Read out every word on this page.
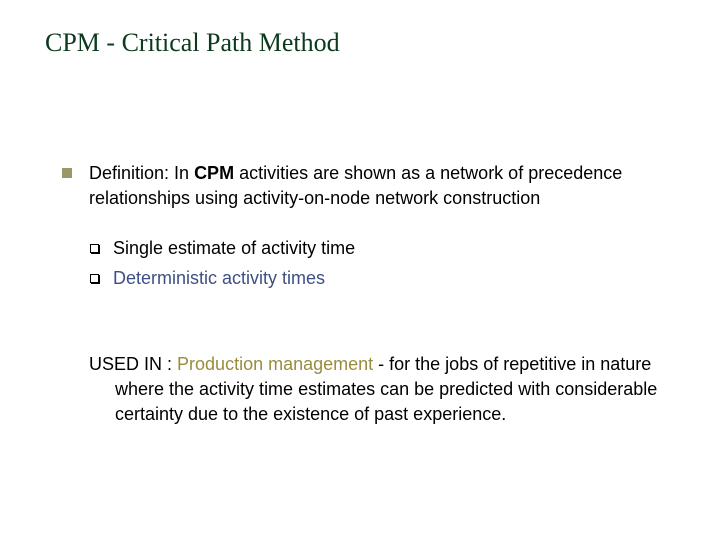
CPM - Critical Path Method
Definition: In CPM activities are shown as a network of precedence relationships using activity-on-node network construction
Single estimate of activity time
Deterministic activity times
USED IN : Production management - for the jobs of repetitive in nature where the activity time estimates can be predicted with considerable certainty due to the existence of past experience.
